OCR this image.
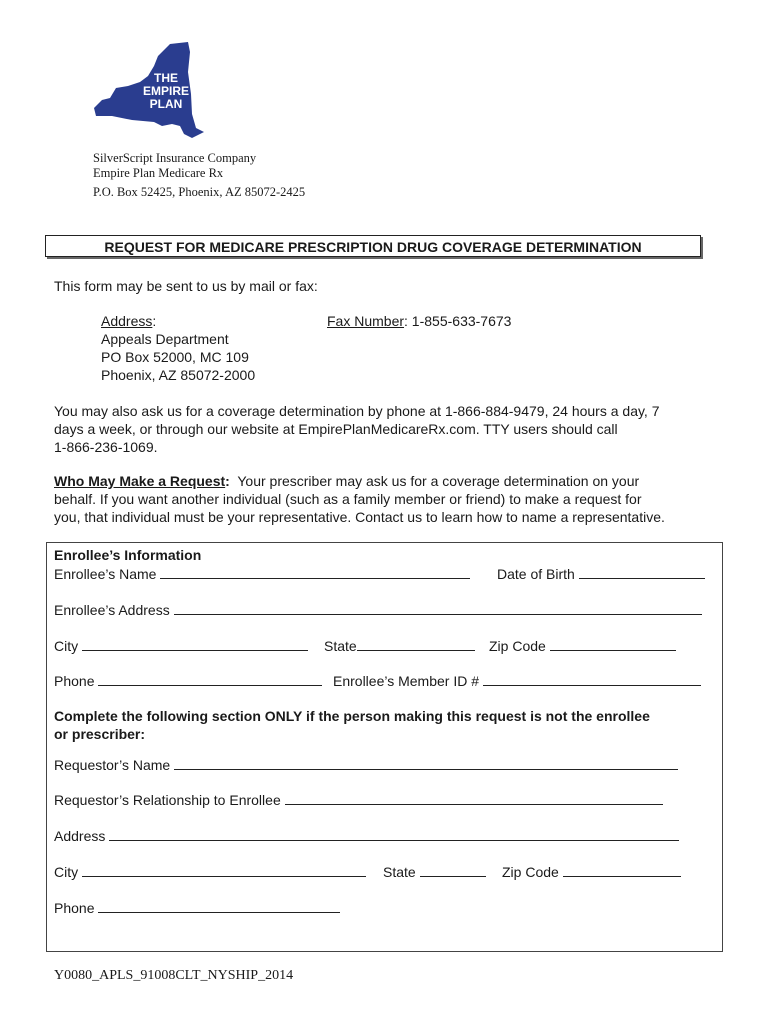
THE
EMPIRE
PLAN
SilverScript Insurance Company
Empire Plan Medicare Rx
P.O. Box 52425, Phoenix, AZ 85072-2425
REQUEST FOR MEDICARE PRESCRIPTION DRUG COVERAGE DETERMINATION
This form may be sent to us by mail or fax:
Address:
Appeals Department
PO Box 52000, MC 109
Phoenix, AZ 85072-2000
Fax Number: 1-855-633-7673
You may also ask us for a coverage determination by phone at 1-866-884-9479, 24 hours a day, 7
days a week, or through our website at EmpirePlanMedicareRx.com. TTY users should call
1-866-236-1069.
Who May Make a Request:  Your prescriber may ask us for a coverage determination on your
behalf. If you want another individual (such as a family member or friend) to make a request for
you, that individual must be your representative. Contact us to learn how to name a representative.
Enrollee’s Information
Enrollee’s Name	Date of Birth
Enrollee’s Address
City	State	Zip Code
Phone	Enrollee’s Member ID #
Complete the following section ONLY if the person making this request is not the enrollee
or prescriber:
Requestor’s Name
Requestor’s Relationship to Enrollee
Address
City	State	Zip Code
Phone
Y0080_APLS_91008CLT_NYSHIP_2014
